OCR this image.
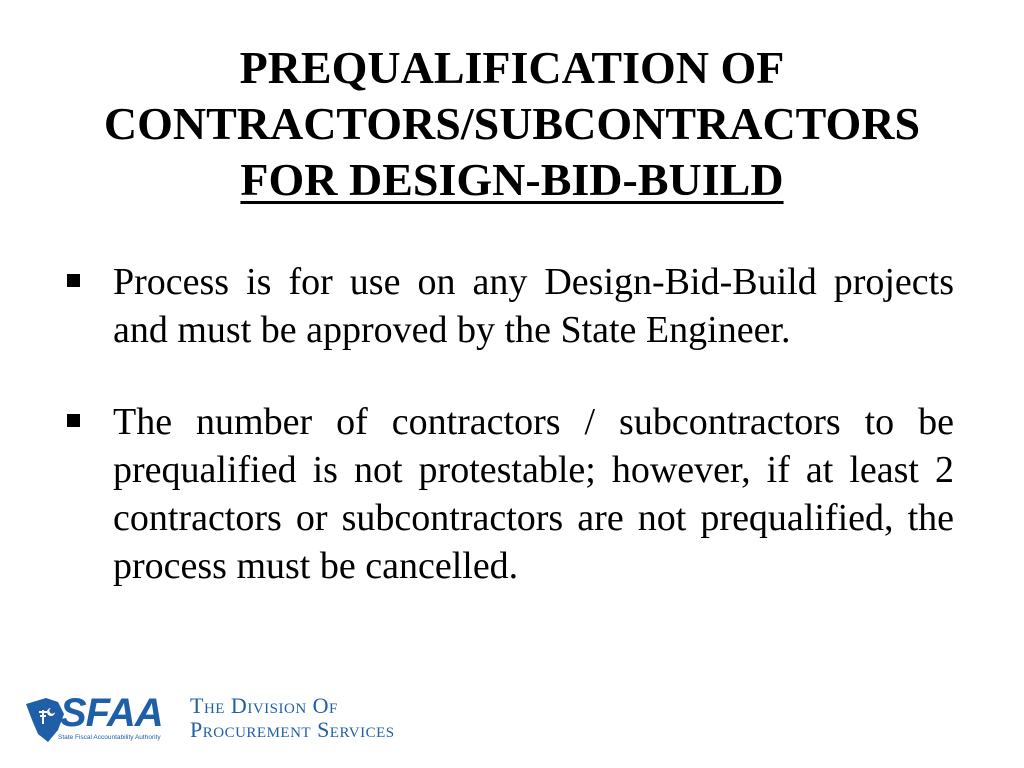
PREQUALIFICATION OF
CONTRACTORS/SUBCONTRACTORS
FOR DESIGN-BID-BUILD
Process is for use on any Design-Bid-Build projects and must be approved by the State Engineer.
The number of contractors / subcontractors to be prequalified is not protestable; however, if at least 2 contractors or subcontractors are not prequalified, the process must be cancelled.
SFAA
State Fiscal Accountability Authority
The Division Of
Procurement Services
